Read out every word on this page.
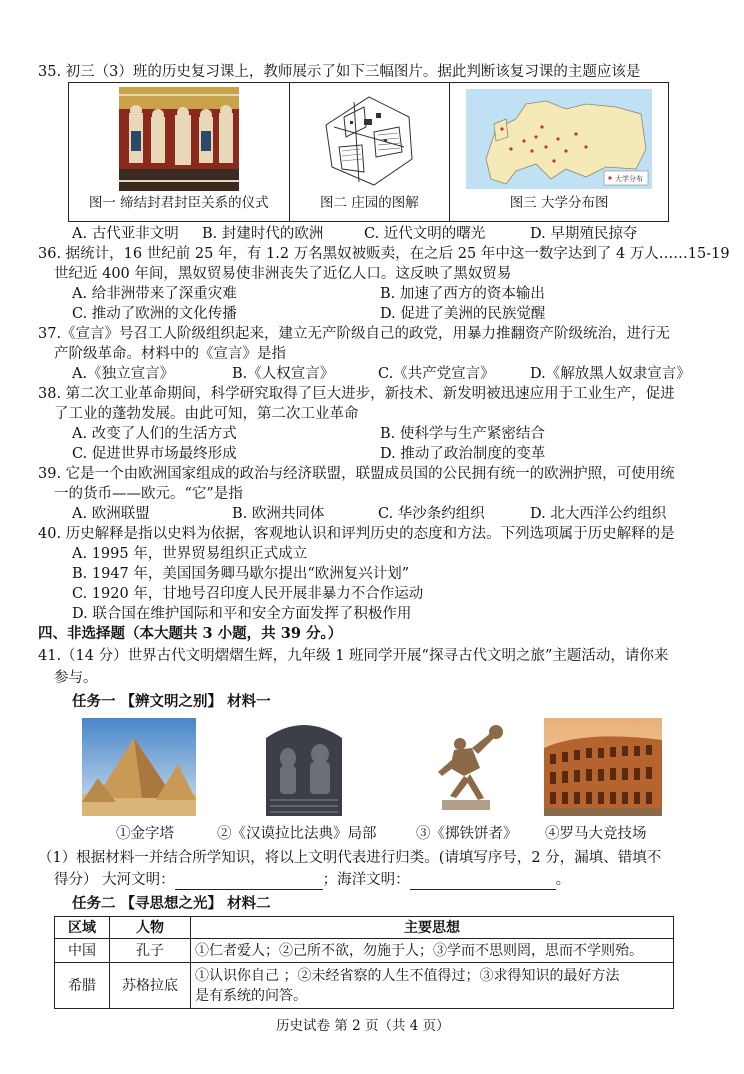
35. 初三（3）班的历史复习课上，教师展示了如下三幅图片。据此判断该复习课的主题应该是
图一 缔结封君封臣关系的仪式	图二 庄园的图解

大学分布
图三 大学分布图
A. 古代亚非文明 B. 封建时代的欧洲	C. 近代文明的曙光	D. 早期殖民掠夺
36. 据统计，16 世纪前 25 年，有 1.2 万名黑奴被贩卖，在之后 25 年中这一数字达到了 4 万人……15-19
世纪近 400 年间，黑奴贸易使非洲丧失了近亿人口。这反映了黑奴贸易
A. 给非洲带来了深重灾难	B. 加速了西方的资本输出
C. 推动了欧洲的文化传播	D. 促进了美洲的民族觉醒
37.《宣言》号召工人阶级组织起来，建立无产阶级自己的政党，用暴力推翻资产阶级统治，进行无
产阶级革命。材料中的《宣言》是指
A.《独立宣言》	B.《人权宣言》	C.《共产党宣言》 D.《解放黑人奴隶宣言》
38. 第二次工业革命期间，科学研究取得了巨大进步，新技术、新发明被迅速应用于工业生产，促进
了工业的蓬勃发展。由此可知，第二次工业革命
A. 改变了人们的生活方式	B. 使科学与生产紧密结合
C. 促进世界市场最终形成	D. 推动了政治制度的变革
39. 它是一个由欧洲国家组成的政治与经济联盟，联盟成员国的公民拥有统一的欧洲护照，可使用统
一的货币——欧元。“它”是指
A. 欧洲联盟	B. 欧洲共同体	C. 华沙条约组织	D. 北大西洋公约组织
40. 历史解释是指以史料为依据，客观地认识和评判历史的态度和方法。下列选项属于历史解释的是
A. 1995 年，世界贸易组织正式成立
B. 1947 年，美国国务卿马歇尔提出“欧洲复兴计划”
C. 1920 年，甘地号召印度人民开展非暴力不合作运动
D. 联合国在维护国际和平和安全方面发挥了积极作用
四、非选择题（本大题共 3 小题，共 39 分。）
41.（14 分）世界古代文明熠熠生辉，九年级 1 班同学开展“探寻古代文明之旅”主题活动，请你来
参与。
任务一 【辨文明之别】 材料一
①金字塔	②《汉谟拉比法典》局部	③《掷铁饼者》 ④罗马大竞技场
（1）根据材料一并结合所学知识，将以上文明代表进行归类。(请填写序号，2 分，漏填、错填不
得分） 大河文明：	；海洋文明：	。
任务二 【寻思想之光】 材料二
区域	人物	主要思想
中国	孔子	①仁者爱人；②己所不欲，勿施于人；③学而不思则罔，思而不学则殆。
希腊	苏格拉底	①认识你自己 ；②未经省察的人生不值得过；③求得知识的最好方法
是有系统的问答。
历史试卷 第 2 页（共 4 页）
